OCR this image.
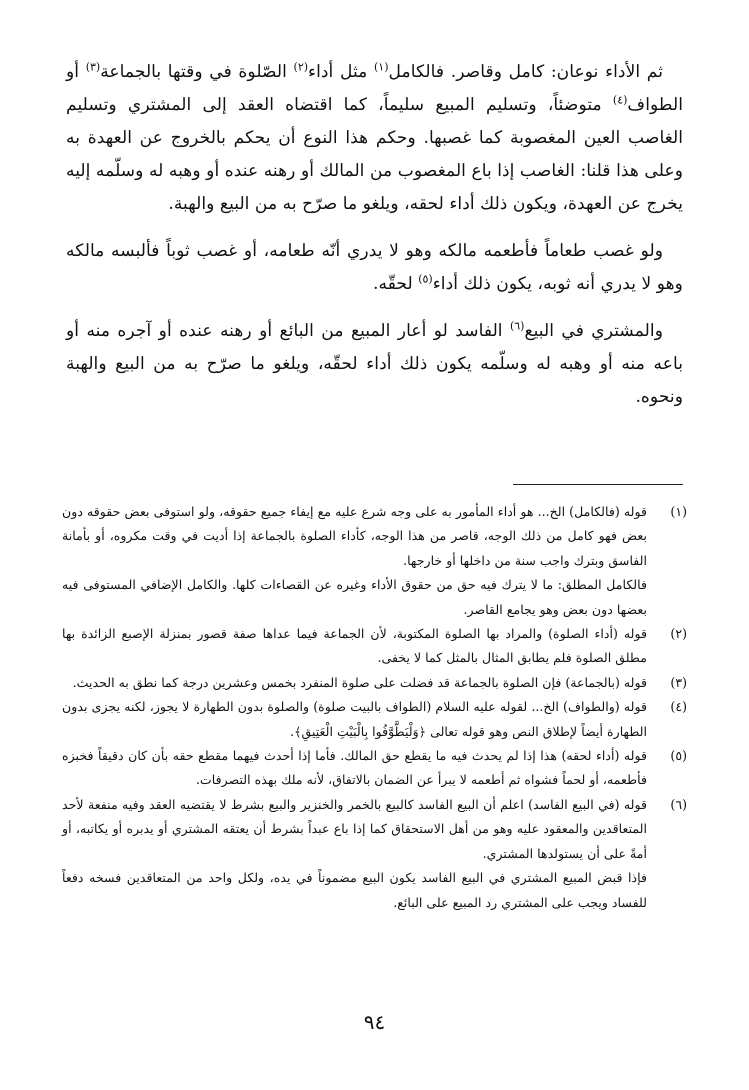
ثم الأداء نوعان: كامل وقاصر. فالكامل$^{(١)}$ مثل أداء$^{(٢)}$ الصّلوة في وقتها بالجماعة$^{(٣)}$ أو الطواف$^{(٤)}$ متوضئاً، وتسليم المبيع سليماً، كما اقتضاه العقد إلى المشتري وتسليم الغاصب العين المغصوبة كما غصبها. وحكم هذا النوع أن يحكم بالخروج عن العهدة به وعلى هذا قلنا: الغاصب إذا باع المغصوب من المالك أو رهنه عنده أو وهبه له وسلّمه إليه يخرج عن العهدة، ويكون ذلك أداء لحقه، ويلغو ما صرّح به من البيع والهبة.

ولو غصب طعاماً فأطعمه مالكه وهو لا يدري أنّه طعامه، أو غصب ثوباً فألبسه مالكه وهو لا يدري أنه ثوبه، يكون ذلك أداء$^{(٥)}$ لحقّه.

والمشتري في البيع$^{(٦)}$ الفاسد لو أعار المبيع من البائع أو رهنه عنده أو آجره منه أو باعه منه أو وهبه له وسلّمه يكون ذلك أداء لحقّه، ويلغو ما صرّح به من البيع والهبة ونحوه.

(١)

قوله (فالكامل) الخ... هو أداء المأمور به على وجه شرع عليه مع إيفاء جميع حقوقه، ولو استوفى بعض حقوقه دون بعض فهو كامل من ذلك الوجه، قاصر من هذا الوجه، كأداء الصلوة بالجماعة إذا أديت في وقت مكروه، أو بأمانة الفاسق وبترك واجب سنة من داخلها أو خارجها.

فالكامل المطلق: ما لا يترك فيه حق من حقوق الأداء وغيره عن القصاءات كلها. والكامل الإضافي المستوفى فيه بعضها دون بعض وهو يجامع القاصر.

(٢)

قوله (أداء الصلوة) والمراد بها الصلوة المكتوبة، لأن الجماعة فيما عداها صفة قصور بمنزلة الإصبع الزائدة بها مطلق الصلوة فلم يطابق المثال بالمثل كما لا يخفى.

(٣)

قوله (بالجماعة) فإن الصلوة بالجماعة قد فضلت على صلوة المنفرد بخمس وعشرين درجة كما نطق به الحديث.

(٤)

قوله (والطواف) الخ... لقوله عليه السلام (الطواف بالبيت صلوة) والصلوة بدون الطهارة لا يجوز، لكنه يجزى بدون الطهارة أيضاً لإطلاق النص وهو قوله تعالى ﴿وَلْيَطَّوَّفُوا بِالْبَيْتِ الْعَتِيقِ﴾.

(٥)

قوله (أداء لحقه) هذا إذا لم يحدث فيه ما يقطع حق المالك. فأما إذا أحدث فيهما مقطع حقه بأن كان دقيقاً فخبزه فأطعمه، أو لحماً فشواه ثم أطعمه لا يبرأ عن الضمان بالاتفاق، لأنه ملك بهذه التصرفات.

(٦)

قوله (في البيع الفاسد) اعلم أن البيع الفاسد كالبيع بالخمر والخنزير والبيع بشرط لا يقتضيه العقد وفيه منفعة لأحد المتعاقدين والمعقود عليه وهو من أهل الاستحقاق كما إذا باع عبداً بشرط أن يعتقه المشتري أو يدبره أو يكاتبه، أو أمةً على أن يستولدها المشتري.

فإذا قبض المبيع المشتري في البيع الفاسد يكون البيع مضموناً في يده، ولكل واحد من المتعاقدين فسخه دفعاً للفساد ويجب على المشتري رد المبيع على البائع.

٩٤
